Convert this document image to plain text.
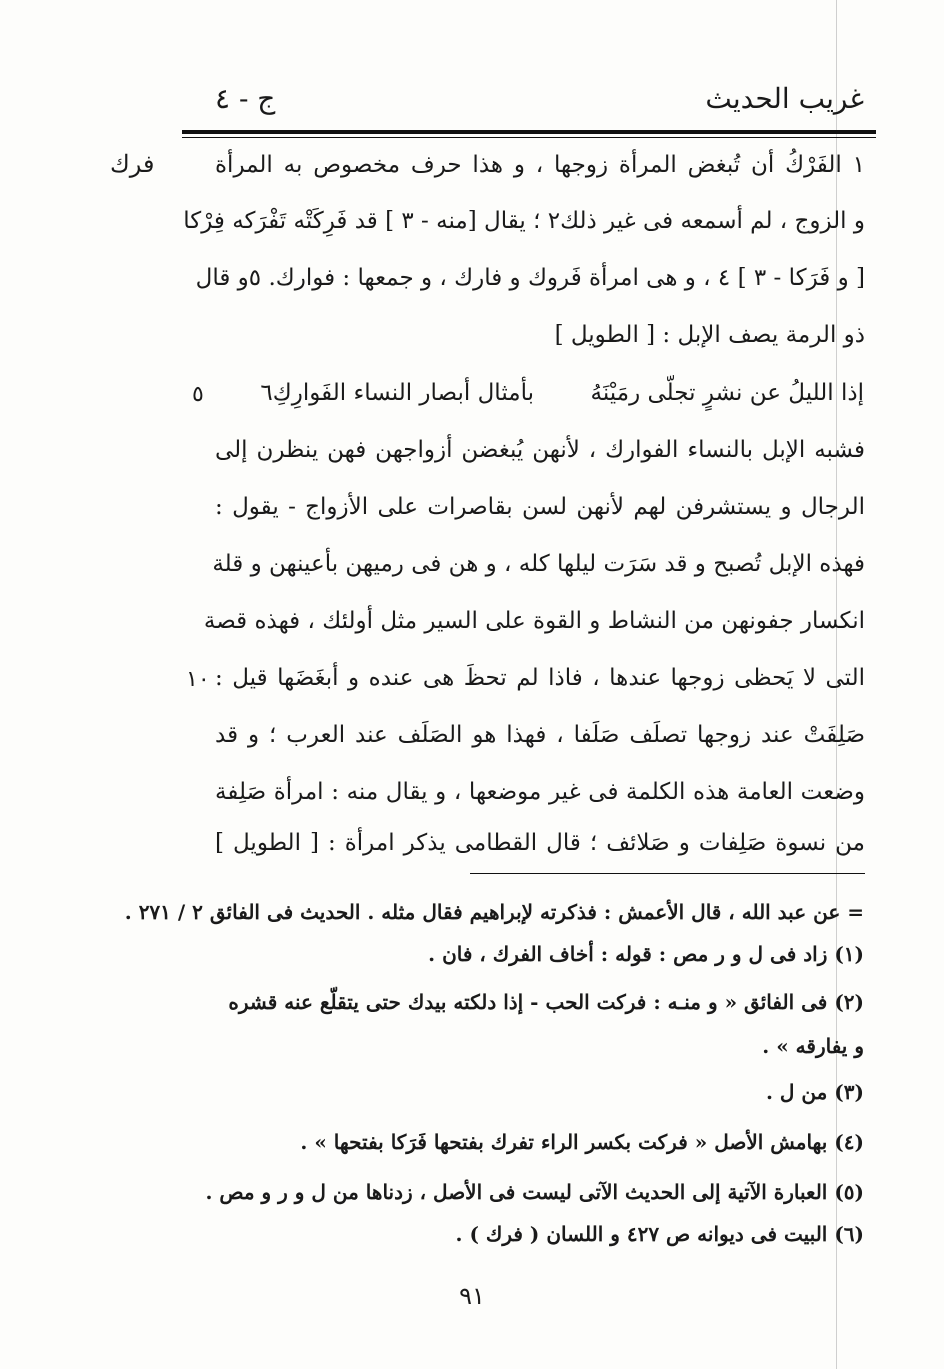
غريب الحديث
ج - ٤
فرك
٥
١٠
١ الفَرْكُ أن تُبغض المرأة زوجها ، و هذا حرف مخصوص به المرأة
و الزوج ، لم أسمعه فى غير ذلك٢ ؛ يقال [منه - ٣ ] قد فَرِكَتْه تَفْرَكه فِرْكا
[ و فَرَكا - ٣ ] ٤ ، و هى امرأة فَروك و فارك ، و جمعها : فوارك. ٥و قال
ذو الرمة يصف الإبل : [ الطويل ]
إذا الليلُ عن نشرٍ تجلّى رمَيْنَهُ
بأمثال أبصار النساء الفَوارِكِ٦
فشبه الإبل بالنساء الفوارك ، لأنهن يُبغضن أزواجهن فهن ينظرن إلى
الرجال و يستشرفن لهم لأنهن لسن بقاصرات على الأزواج - يقول :
فهذه الإبل تُصبح و قد سَرَت ليلها كله ، و هن فى رميهن بأعينهن و قلة
انكسار جفونهن من النشاط و القوة على السير مثل أولئك ، فهذه قصة
التى لا يَحظى زوجها عندها ، فاذا لم تحظَ هى عنده و أبغَضَها قيل :
صَلِفَتْ عند زوجها تصلَف صَلَفا ، فهذا هو الصَلَف عند العرب ؛ و قد
وضعت العامة هذه الكلمة فى غير موضعها ، و يقال منه : امرأة صَلِفة
من نسوة صَلِفات و صَلائف ؛ قال القطامى يذكر امرأة : [ الطويل ]
= عن عبد الله ، قال الأعمش : فذكرته لإبراهيم فقال مثله . الحديث فى الفائق ٢ / ٢٧١ .
(١) زاد فى ل و ر مص : قوله : أخاف الفرك ، فان .
(٢) فى الفائق « و منـه : فركت الحب - إذا دلكته بيدك حتى يتقلّع عنه قشره
و يفارقه » .
(٣) من ل .
(٤) بهامش الأصل « فركت بكسر الراء تفرك بفتحها فَرَكا بفتحها » .
(٥) العبارة الآتية إلى الحديث الآتى ليست فى الأصل ، زدناها من ل و ر و مص .
(٦) البيت فى ديوانه ص ٤٢٧ و اللسان ( فرك ) .
٩١
